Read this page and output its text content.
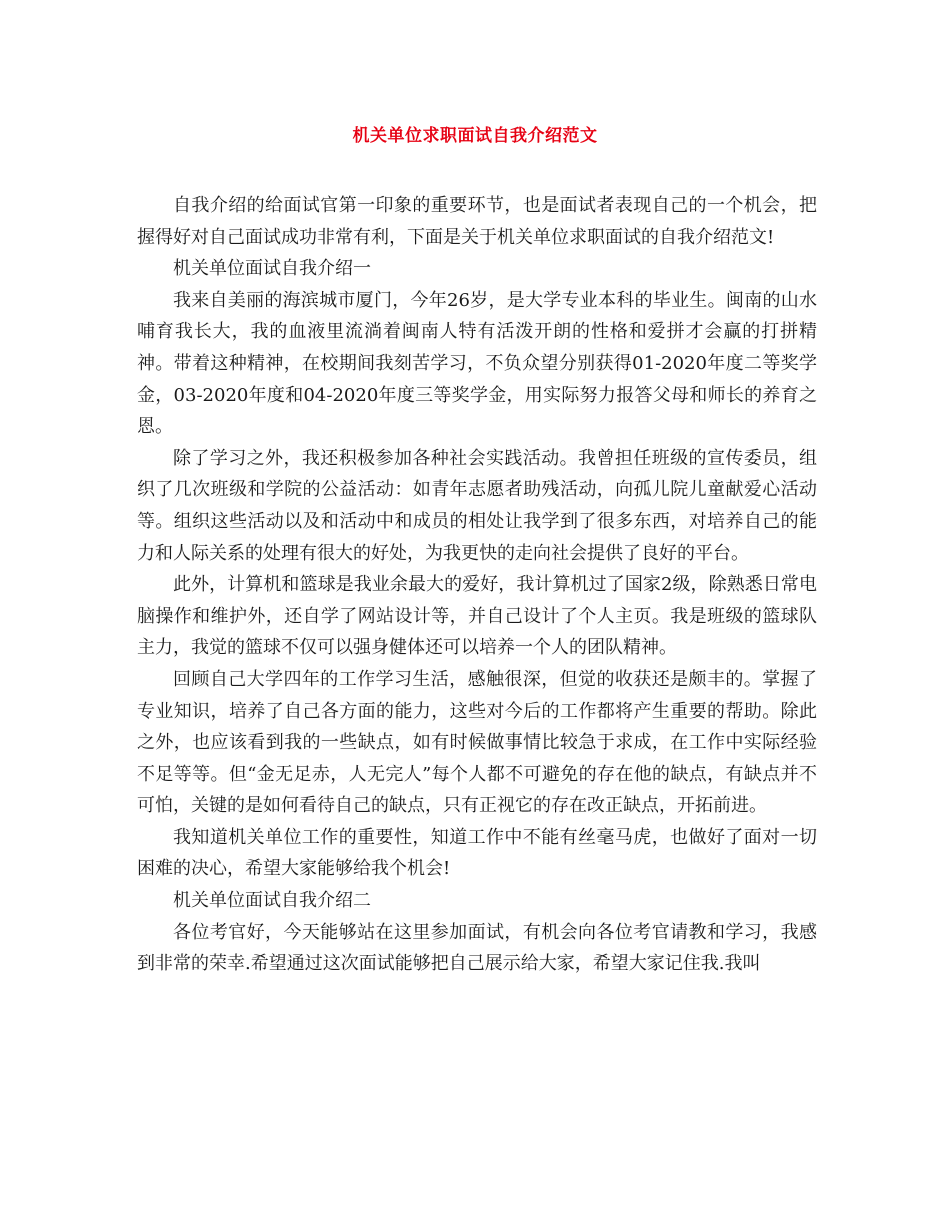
机关单位求职面试自我介绍范文

自我介绍的给面试官第一印象的重要环节，也是面试者表现自己的一个机会，把握得好对自己面试成功非常有利，下面是关于机关单位求职面试的自我介绍范文!

机关单位面试自我介绍一

我来自美丽的海滨城市厦门，今年26岁，是大学专业本科的毕业生。闽南的山水哺育我长大，我的血液里流淌着闽南人特有活泼开朗的性格和爱拼才会赢的打拼精神。带着这种精神，在校期间我刻苦学习，不负众望分别获得01-2020年度二等奖学金，03-2020年度和04-2020年度三等奖学金，用实际努力报答父母和师长的养育之恩。

除了学习之外，我还积极参加各种社会实践活动。我曾担任班级的宣传委员，组织了几次班级和学院的公益活动：如青年志愿者助残活动，向孤儿院儿童献爱心活动等。组织这些活动以及和活动中和成员的相处让我学到了很多东西，对培养自己的能力和人际关系的处理有很大的好处，为我更快的走向社会提供了良好的平台。

此外，计算机和篮球是我业余最大的爱好，我计算机过了国家2级，除熟悉日常电脑操作和维护外，还自学了网站设计等，并自己设计了个人主页。我是班级的篮球队主力，我觉的篮球不仅可以强身健体还可以培养一个人的团队精神。

回顾自己大学四年的工作学习生活，感触很深，但觉的收获还是颇丰的。掌握了专业知识，培养了自己各方面的能力，这些对今后的工作都将产生重要的帮助。除此之外，也应该看到我的一些缺点，如有时候做事情比较急于求成，在工作中实际经验不足等等。但“金无足赤，人无完人”每个人都不可避免的存在他的缺点，有缺点并不可怕，关键的是如何看待自己的缺点，只有正视它的存在改正缺点，开拓前进。

我知道机关单位工作的重要性，知道工作中不能有丝毫马虎，也做好了面对一切困难的决心，希望大家能够给我个机会!

机关单位面试自我介绍二

各位考官好，今天能够站在这里参加面试，有机会向各位考官请教和学习，我感到非常的荣幸.希望通过这次面试能够把自己展示给大家，希望大家记住我.我叫
